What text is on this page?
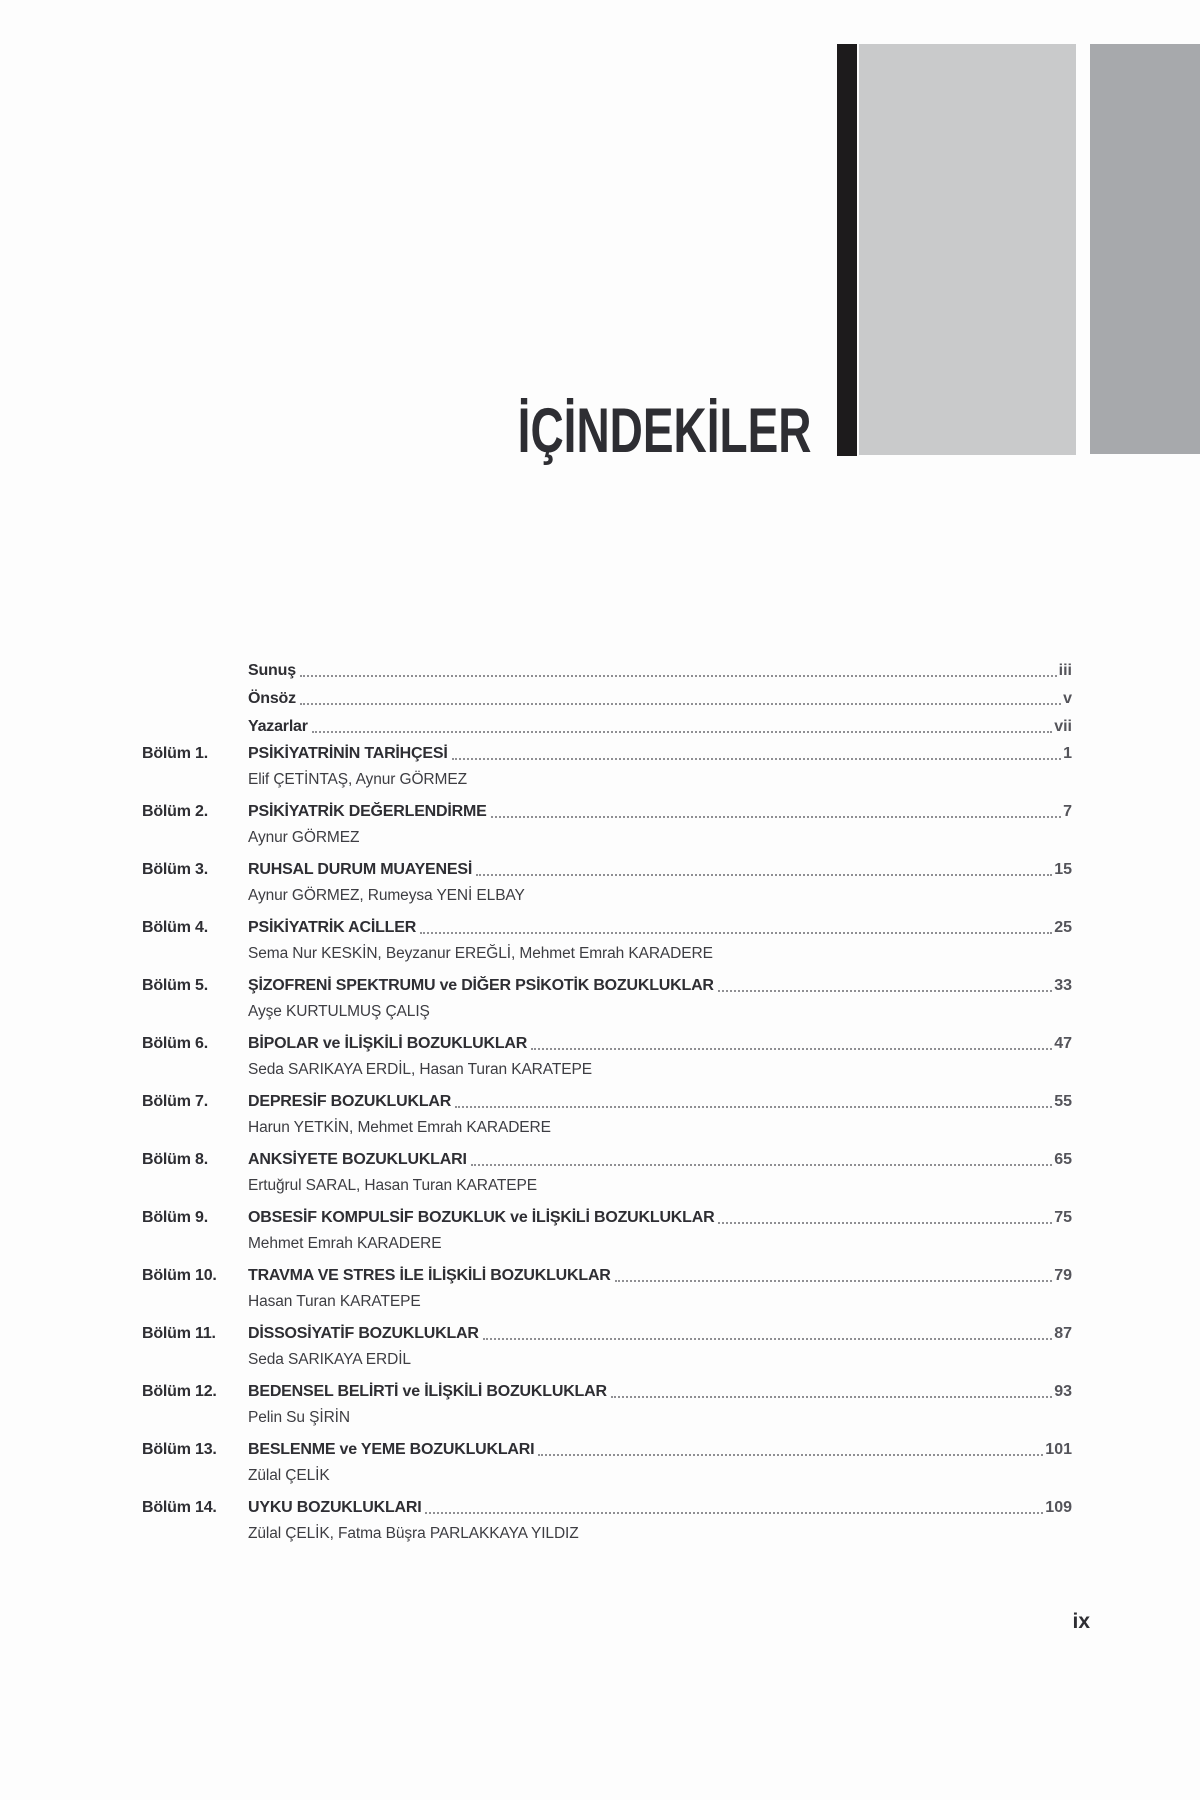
İÇİNDEKİLER
Sunuş	iii
Önsöz	v
Yazarlar	vii
Bölüm 1.	PSİKİYATRİNİN TARİHÇESİ	1
Elif ÇETİNTAŞ, Aynur GÖRMEZ
Bölüm 2.	PSİKİYATRİK DEĞERLENDİRME	7
Aynur GÖRMEZ
Bölüm 3.	RUHSAL DURUM MUAYENESİ	15
Aynur GÖRMEZ, Rumeysa YENİ ELBAY
Bölüm 4.	PSİKİYATRİK ACİLLER	25
Sema Nur KESKİN, Beyzanur EREĞLİ, Mehmet Emrah KARADERE
Bölüm 5.	ŞİZOFRENİ SPEKTRUMU ve DİĞER PSİKOTİK BOZUKLUKLAR	33
Ayşe KURTULMUŞ ÇALIŞ
Bölüm 6.	BİPOLAR ve İLİŞKİLİ BOZUKLUKLAR	47
Seda SARIKAYA ERDİL, Hasan Turan KARATEPE
Bölüm 7.	DEPRESİF BOZUKLUKLAR	55
Harun YETKİN, Mehmet Emrah KARADERE
Bölüm 8.	ANKSİYETE BOZUKLUKLARI	65
Ertuğrul SARAL, Hasan Turan KARATEPE
Bölüm 9.	OBSESİF KOMPULSİF BOZUKLUK ve İLİŞKİLİ BOZUKLUKLAR	75
Mehmet Emrah KARADERE
Bölüm 10.	TRAVMA VE STRES İLE İLİŞKİLİ BOZUKLUKLAR	79
Hasan Turan KARATEPE
Bölüm 11.	DİSSOSİYATİF BOZUKLUKLAR	87
Seda SARIKAYA ERDİL
Bölüm 12.	BEDENSEL BELİRTİ ve İLİŞKİLİ BOZUKLUKLAR	93
Pelin Su ŞİRİN
Bölüm 13.	BESLENME ve YEME BOZUKLUKLARI	101
Zülal ÇELİK
Bölüm 14.	UYKU BOZUKLUKLARI	109
Zülal ÇELİK, Fatma Büşra PARLAKKAYA YILDIZ
ix
